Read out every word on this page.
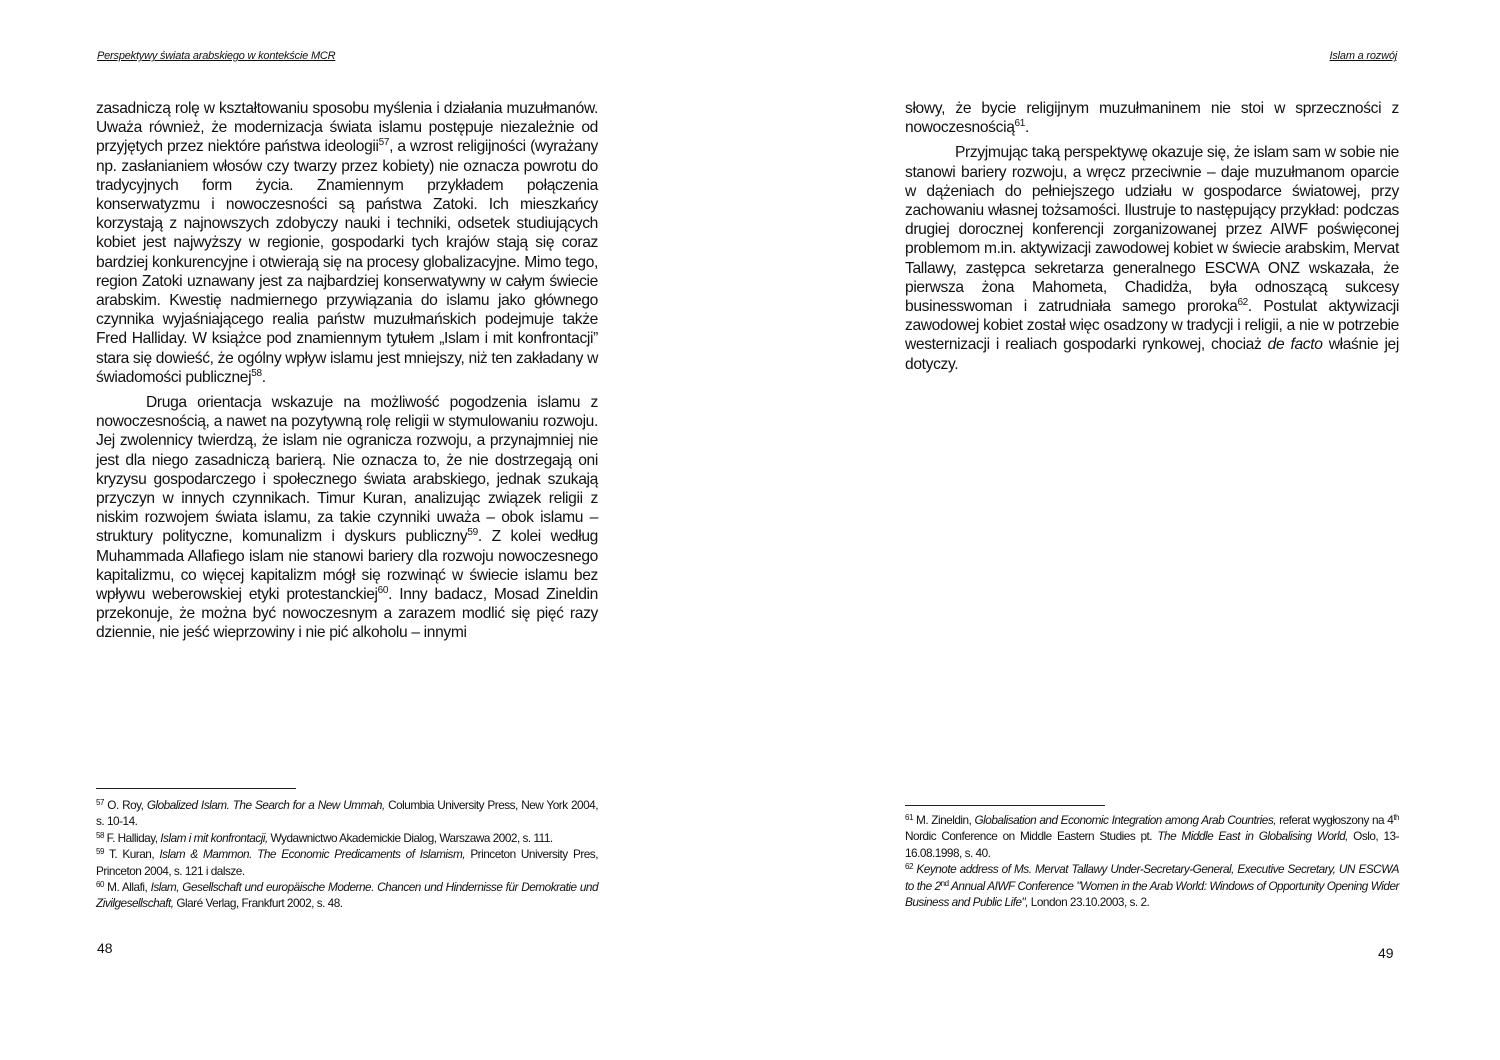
Perspektywy świata arabskiego w kontekście MCR

zasadniczą rolę w kształtowaniu sposobu myślenia i działania muzułmanów. Uważa również, że modernizacja świata islamu postępuje niezależnie od przyjętych przez niektóre państwa ideologii$^{57}$, a wzrost religijności (wyrażany np. zasłanianiem włosów czy twarzy przez kobiety) nie oznacza powrotu do tradycyjnych form życia. Znamiennym przykładem połączenia konserwatyzmu i nowoczesności są państwa Zatoki. Ich mieszkańcy korzystają z najnowszych zdobyczy nauki i techniki, odsetek studiujących kobiet jest najwyższy w regionie, gospodarki tych krajów stają się coraz bardziej konkurencyjne i otwierają się na procesy globalizacyjne. Mimo tego, region Zatoki uznawany jest za najbardziej konserwatywny w całym świecie arabskim. Kwestię nadmiernego przywiązania do islamu jako głównego czynnika wyjaśniającego realia państw muzułmańskich podejmuje także Fred Halliday. W książce pod znamiennym tytułem „Islam i mit konfrontacji” stara się dowieść, że ogólny wpływ islamu jest mniejszy, niż ten zakładany w świadomości publicznej$^{58}$.

Druga orientacja wskazuje na możliwość pogodzenia islamu z nowoczesnością, a nawet na pozytywną rolę religii w stymulowaniu rozwoju. Jej zwolennicy twierdzą, że islam nie ogranicza rozwoju, a przynajmniej nie jest dla niego zasadniczą barierą. Nie oznacza to, że nie dostrzegają oni kryzysu gospodarczego i społecznego świata arabskiego, jednak szukają przyczyn w innych czynnikach. Timur Kuran, analizując związek religii z niskim rozwojem świata islamu, za takie czynniki uważa – obok islamu – struktury polityczne, komunalizm i dyskurs publiczny$^{59}$. Z kolei według Muhammada Allafiego islam nie stanowi bariery dla rozwoju nowoczesnego kapitalizmu, co więcej kapitalizm mógł się rozwinąć w świecie islamu bez wpływu weberowskiej etyki protestanckiej$^{60}$. Inny badacz, Mosad Zineldin przekonuje, że można być nowoczesnym a zarazem modlić się pięć razy dziennie, nie jeść wieprzowiny i nie pić alkoholu – innymi

$^{57}$ O. Roy, Globalized Islam. The Search for a New Ummah, Columbia University Press, New York 2004, s. 10-14.

$^{58}$ F. Halliday, Islam i mit konfrontacji, Wydawnictwo Akademickie Dialog, Warszawa 2002, s. 111.

$^{59}$ T. Kuran, Islam & Mammon. The Economic Predicaments of Islamism, Princeton University Pres, Princeton 2004, s. 121 i dalsze.

$^{60}$ M. Allafi, Islam, Gesellschaft und europäische Moderne. Chancen und Hindernisse für Demokratie und Zivilgesellschaft, Glaré Verlag, Frankfurt 2002, s. 48.

48
Islam a rozwój

słowy, że bycie religijnym muzułmaninem nie stoi w sprzeczności z nowoczesnością$^{61}$.

Przyjmując taką perspektywę okazuje się, że islam sam w sobie nie stanowi bariery rozwoju, a wręcz przeciwnie – daje muzułmanom oparcie w dążeniach do pełniejszego udziału w gospodarce światowej, przy zachowaniu własnej tożsamości. Ilustruje to następujący przykład: podczas drugiej dorocznej konferencji zorganizowanej przez AIWF poświęconej problemom m.in. aktywizacji zawodowej kobiet w świecie arabskim, Mervat Tallawy, zastępca sekretarza generalnego ESCWA ONZ wskazała, że pierwsza żona Mahometa, Chadidża, była odnoszącą sukcesy businesswoman i zatrudniała samego proroka$^{62}$. Postulat aktywizacji zawodowej kobiet został więc osadzony w tradycji i religii, a nie w potrzebie westernizacji i realiach gospodarki rynkowej, chociaż de facto właśnie jej dotyczy.

$^{61}$ M. Zineldin, Globalisation and Economic Integration among Arab Countries, referat wygłoszony na 4th Nordic Conference on Middle Eastern Studies pt. The Middle East in Globalising World, Oslo, 13-16.08.1998, s. 40.

$^{62}$ Keynote address of Ms. Mervat Tallawy Under-Secretary-General, Executive Secretary, UN ESCWA to the 2nd Annual AIWF Conference "Women in the Arab World: Windows of Opportunity Opening Wider Business and Public Life", London 23.10.2003, s. 2.

49
